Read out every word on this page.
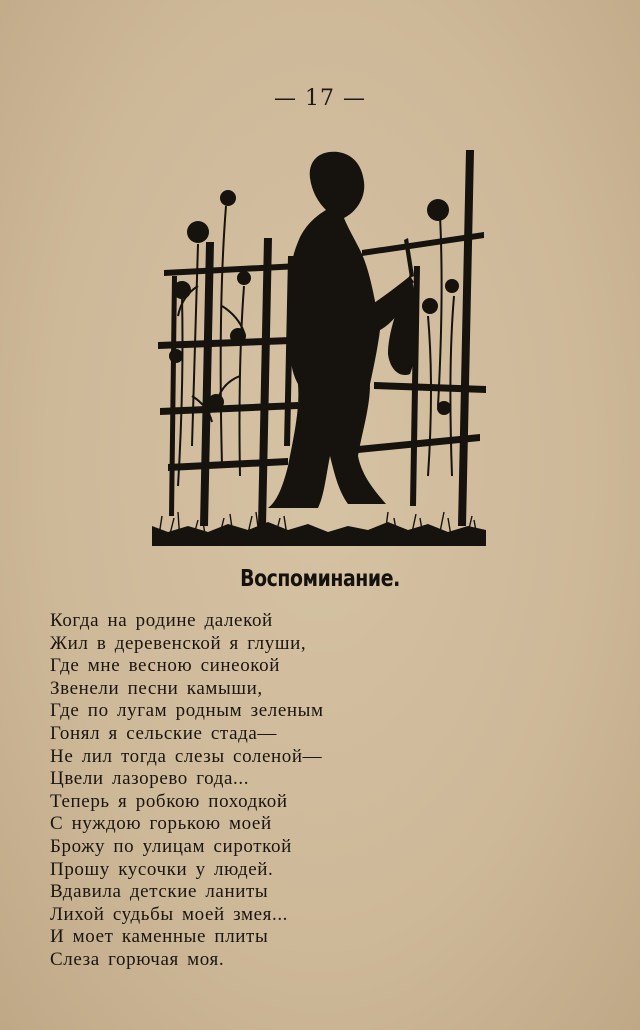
— 17 —
Воспоминание.
Когда на родине далекой
Жил в деревенской я глуши,
Где мне весною синеокой
Звенели песни камыши,
Где по лугам родным зеленым
Гонял я сельские стада—
Не лил тогда слезы соленой—
Цвели лазорево года...
Теперь я робкою походкой
С нуждою горькою моей
Брожу по улицам сироткой
Прошу кусочки у людей.
Вдавила детские ланиты
Лихой судьбы моей змея...
И моет каменные плиты
Слеза горючая моя.
